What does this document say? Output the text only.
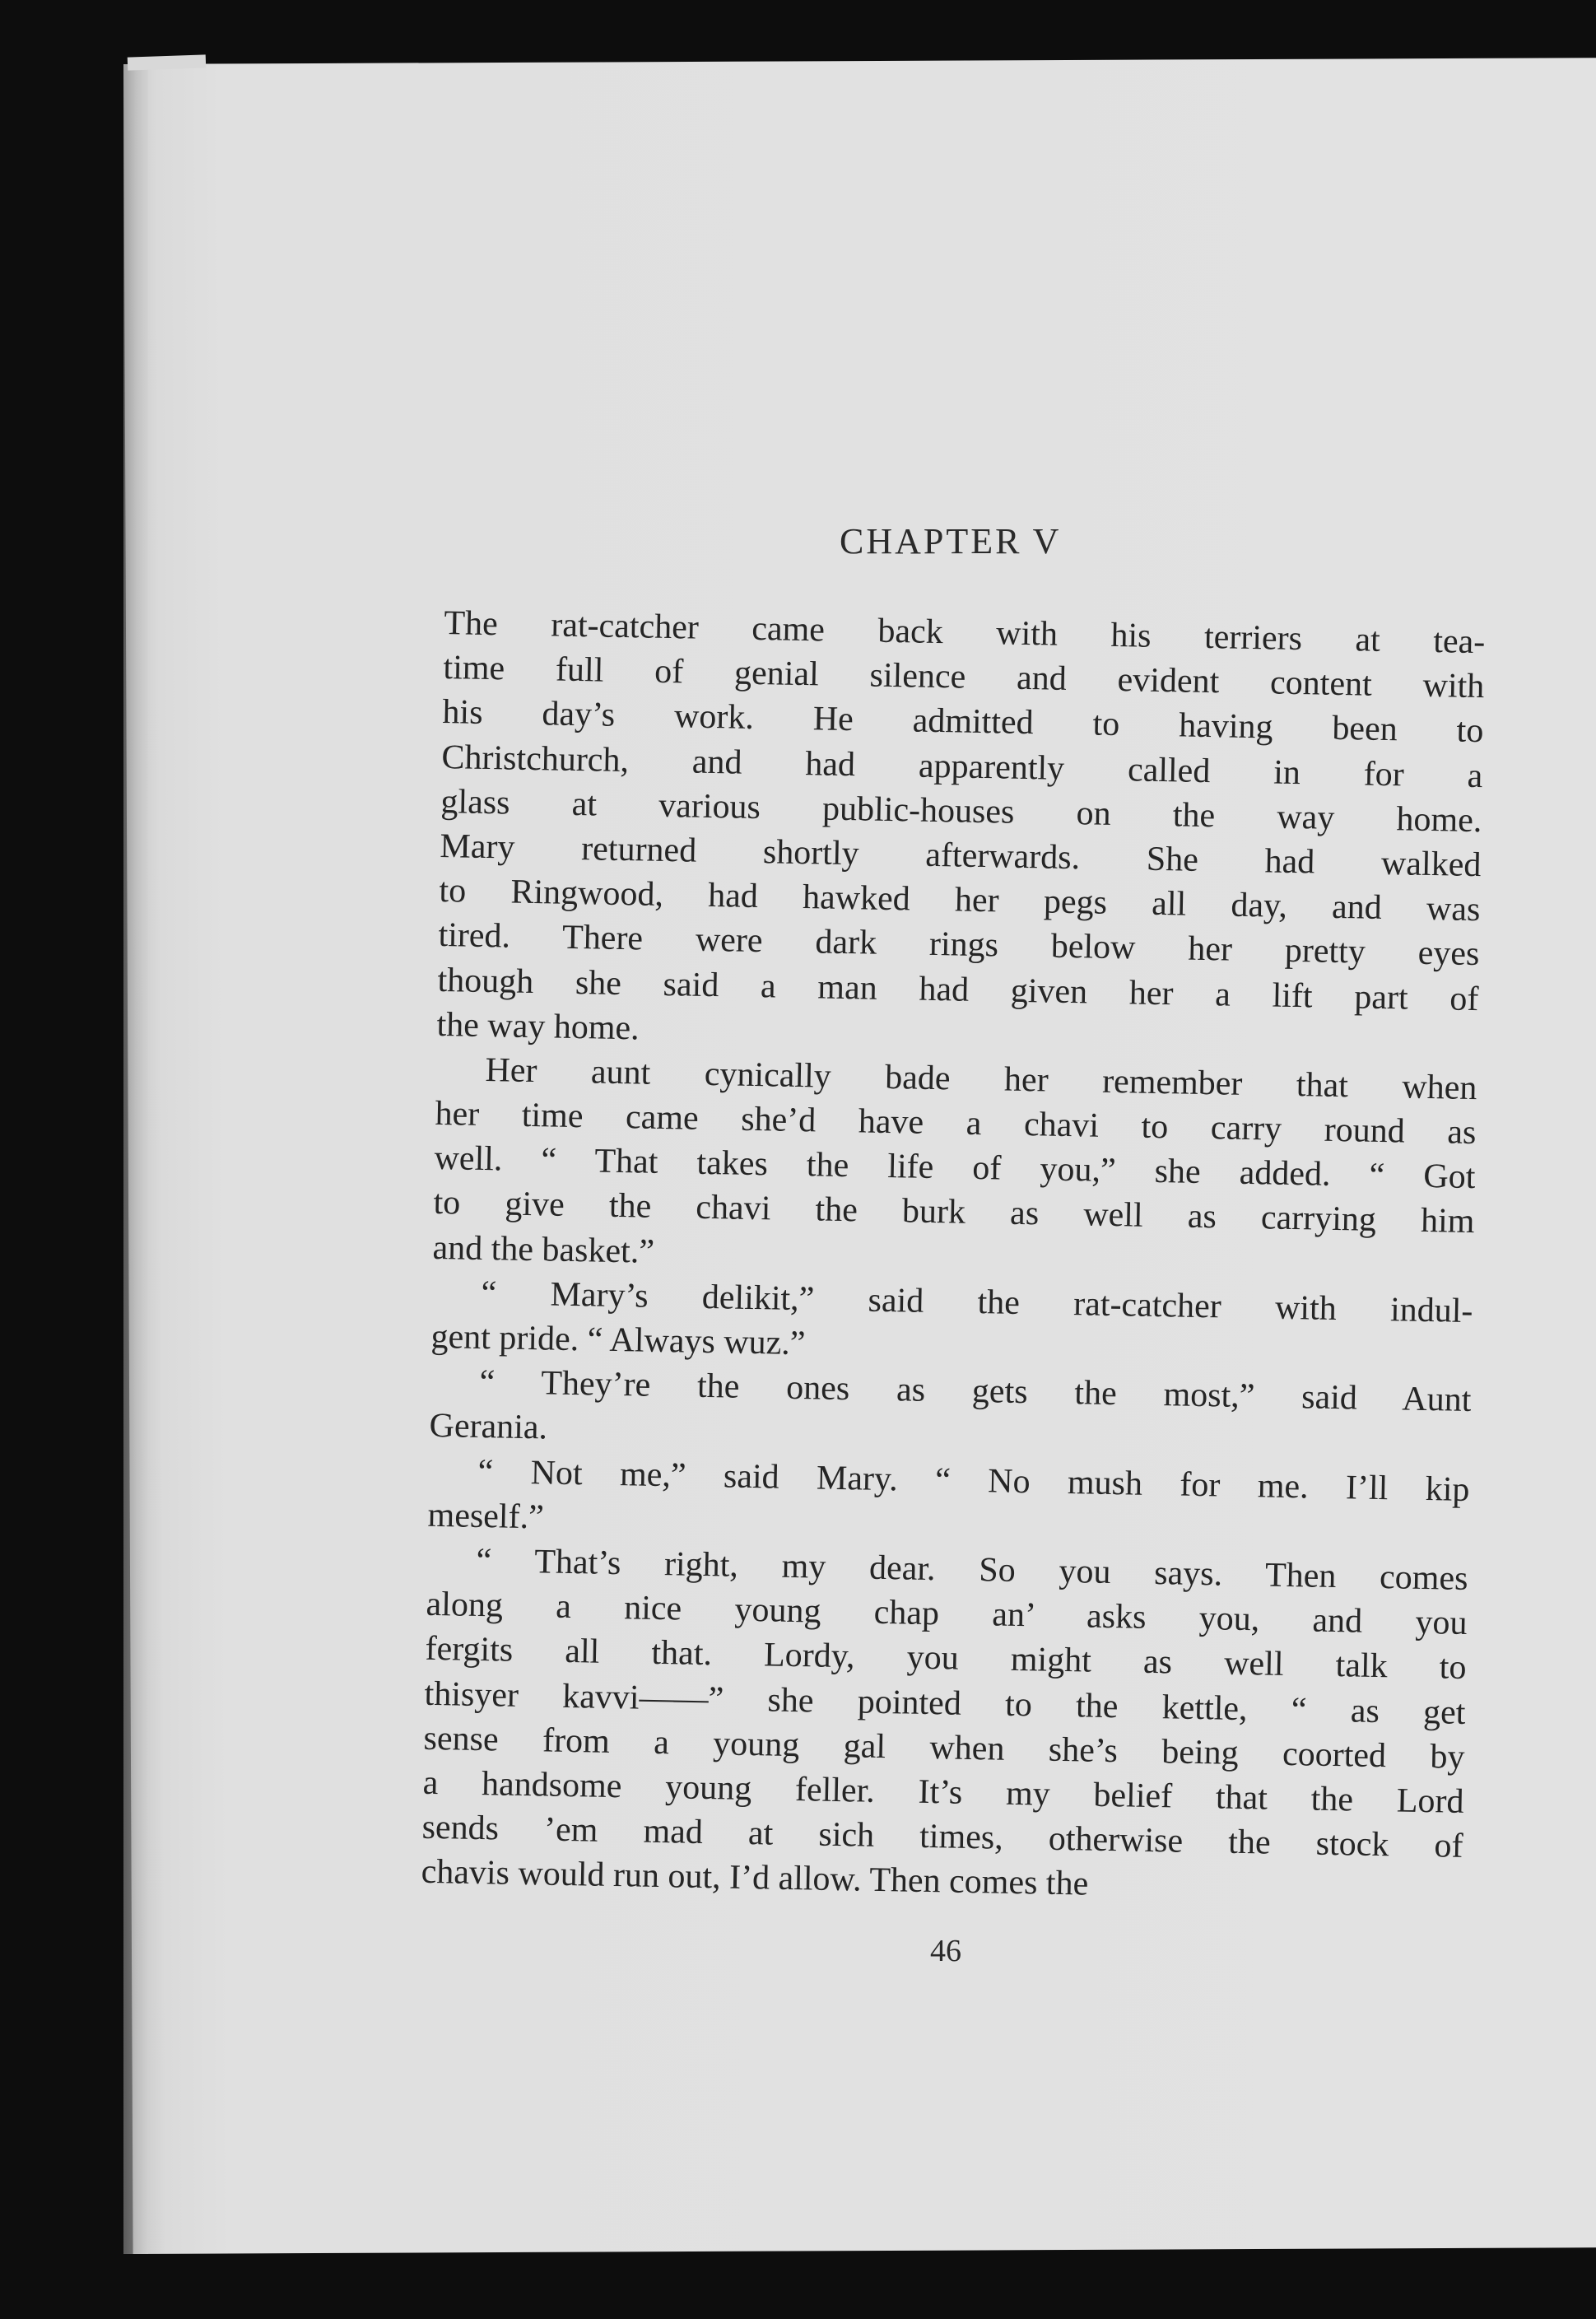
CHAPTER V
The rat-catcher came back with his terriers at tea-
time full of genial silence and evident content with
his day’s work. He admitted to having been to
Christchurch, and had apparently called in for a
glass at various public-houses on the way home.
Mary returned shortly afterwards. She had walked
to Ringwood, had hawked her pegs all day, and was
tired. There were dark rings below her pretty eyes
though she said a man had given her a lift part of
the way home.
Her aunt cynically bade her remember that when
her time came she’d have a chavi to carry round as
well. “ That takes the life of you,” she added. “ Got
to give the chavi the burk as well as carrying him
and the basket.”
“ Mary’s delikit,” said the rat-catcher with indul-
gent pride. “ Always wuz.”
“ They’re the ones as gets the most,” said Aunt
Gerania.
“ Not me,” said Mary. “ No mush for me. I’ll kip
meself.”
“ That’s right, my dear. So you says. Then comes
along a nice young chap an’ asks you, and you
fergits all that. Lordy, you might as well talk to
thisyer kavvi——” she pointed to the kettle, “ as get
sense from a young gal when she’s being coorted by
a handsome young feller. It’s my belief that the Lord
sends ’em mad at sich times, otherwise the stock of
chavis would run out, I’d allow. Then comes the
46
